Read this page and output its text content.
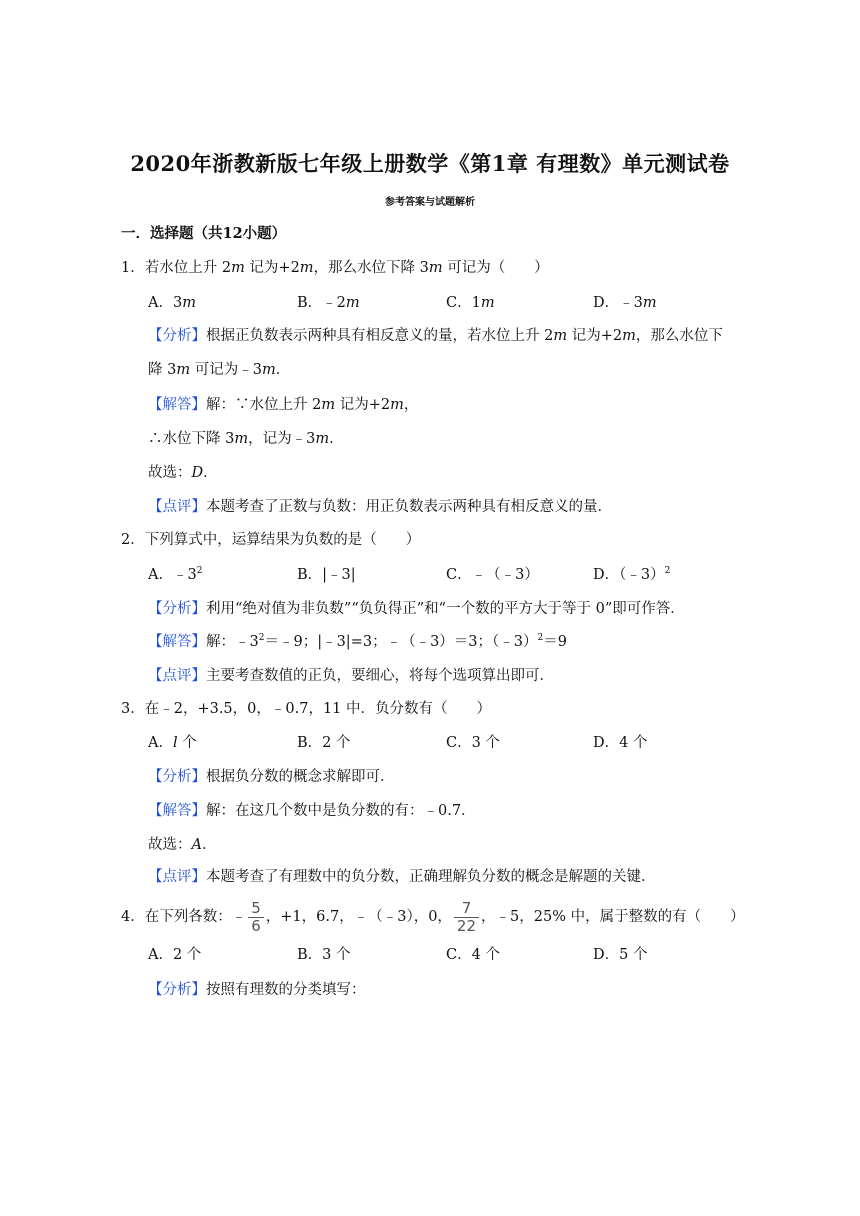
2020年浙教新版七年级上册数学《第1章 有理数》单元测试卷
参考答案与试题解析
一．选择题（共12小题）
1．若水位上升 2m 记为+2m，那么水位下降 3m 可记为（　　）
A．3m	B．﹣2m	C．1m	D．﹣3m
【分析】根据正负数表示两种具有相反意义的量，若水位上升 2m 记为+2m，那么水位下
降 3m 可记为﹣3m．
【解答】解：∵水位上升 2m 记为+2m，
∴水位下降 3m，记为﹣3m．
故选：D．
【点评】本题考查了正数与负数：用正负数表示两种具有相反意义的量．
2．下列算式中，运算结果为负数的是（　　）
A．$﹣3^2$	B．|﹣3|	C．﹣（﹣3）	D．（﹣3）$^2$
【分析】利用“绝对值为非负数”“负负得正”和“一个数的平方大于等于 0”即可作答．
【解答】解：$﹣3^2=﹣9$；|﹣3|=3；﹣（﹣3）＝3；（﹣3）$^2$＝9
【点评】主要考查数值的正负，要细心，将每个选项算出即可．
3．在﹣2，+3.5，0，﹣0.7，11 中．负分数有（　　）
A．l 个	B．2 个	C．3 个	D．4 个
【分析】根据负分数的概念求解即可．
【解答】解：在这几个数中是负分数的有：﹣0.7．
故选：A．
【点评】本题考查了有理数中的负分数，正确理解负分数的概念是解题的关键．
4．在下列各数：﹣ $\frac{5}{6}$ ，+1，6.7，﹣（﹣3），0， $\frac{7}{22}$ ，﹣5，25% 中，属于整数的有（　　）
A．2 个	B．3 个	C．4 个	D．5 个
【分析】按照有理数的分类填写：
